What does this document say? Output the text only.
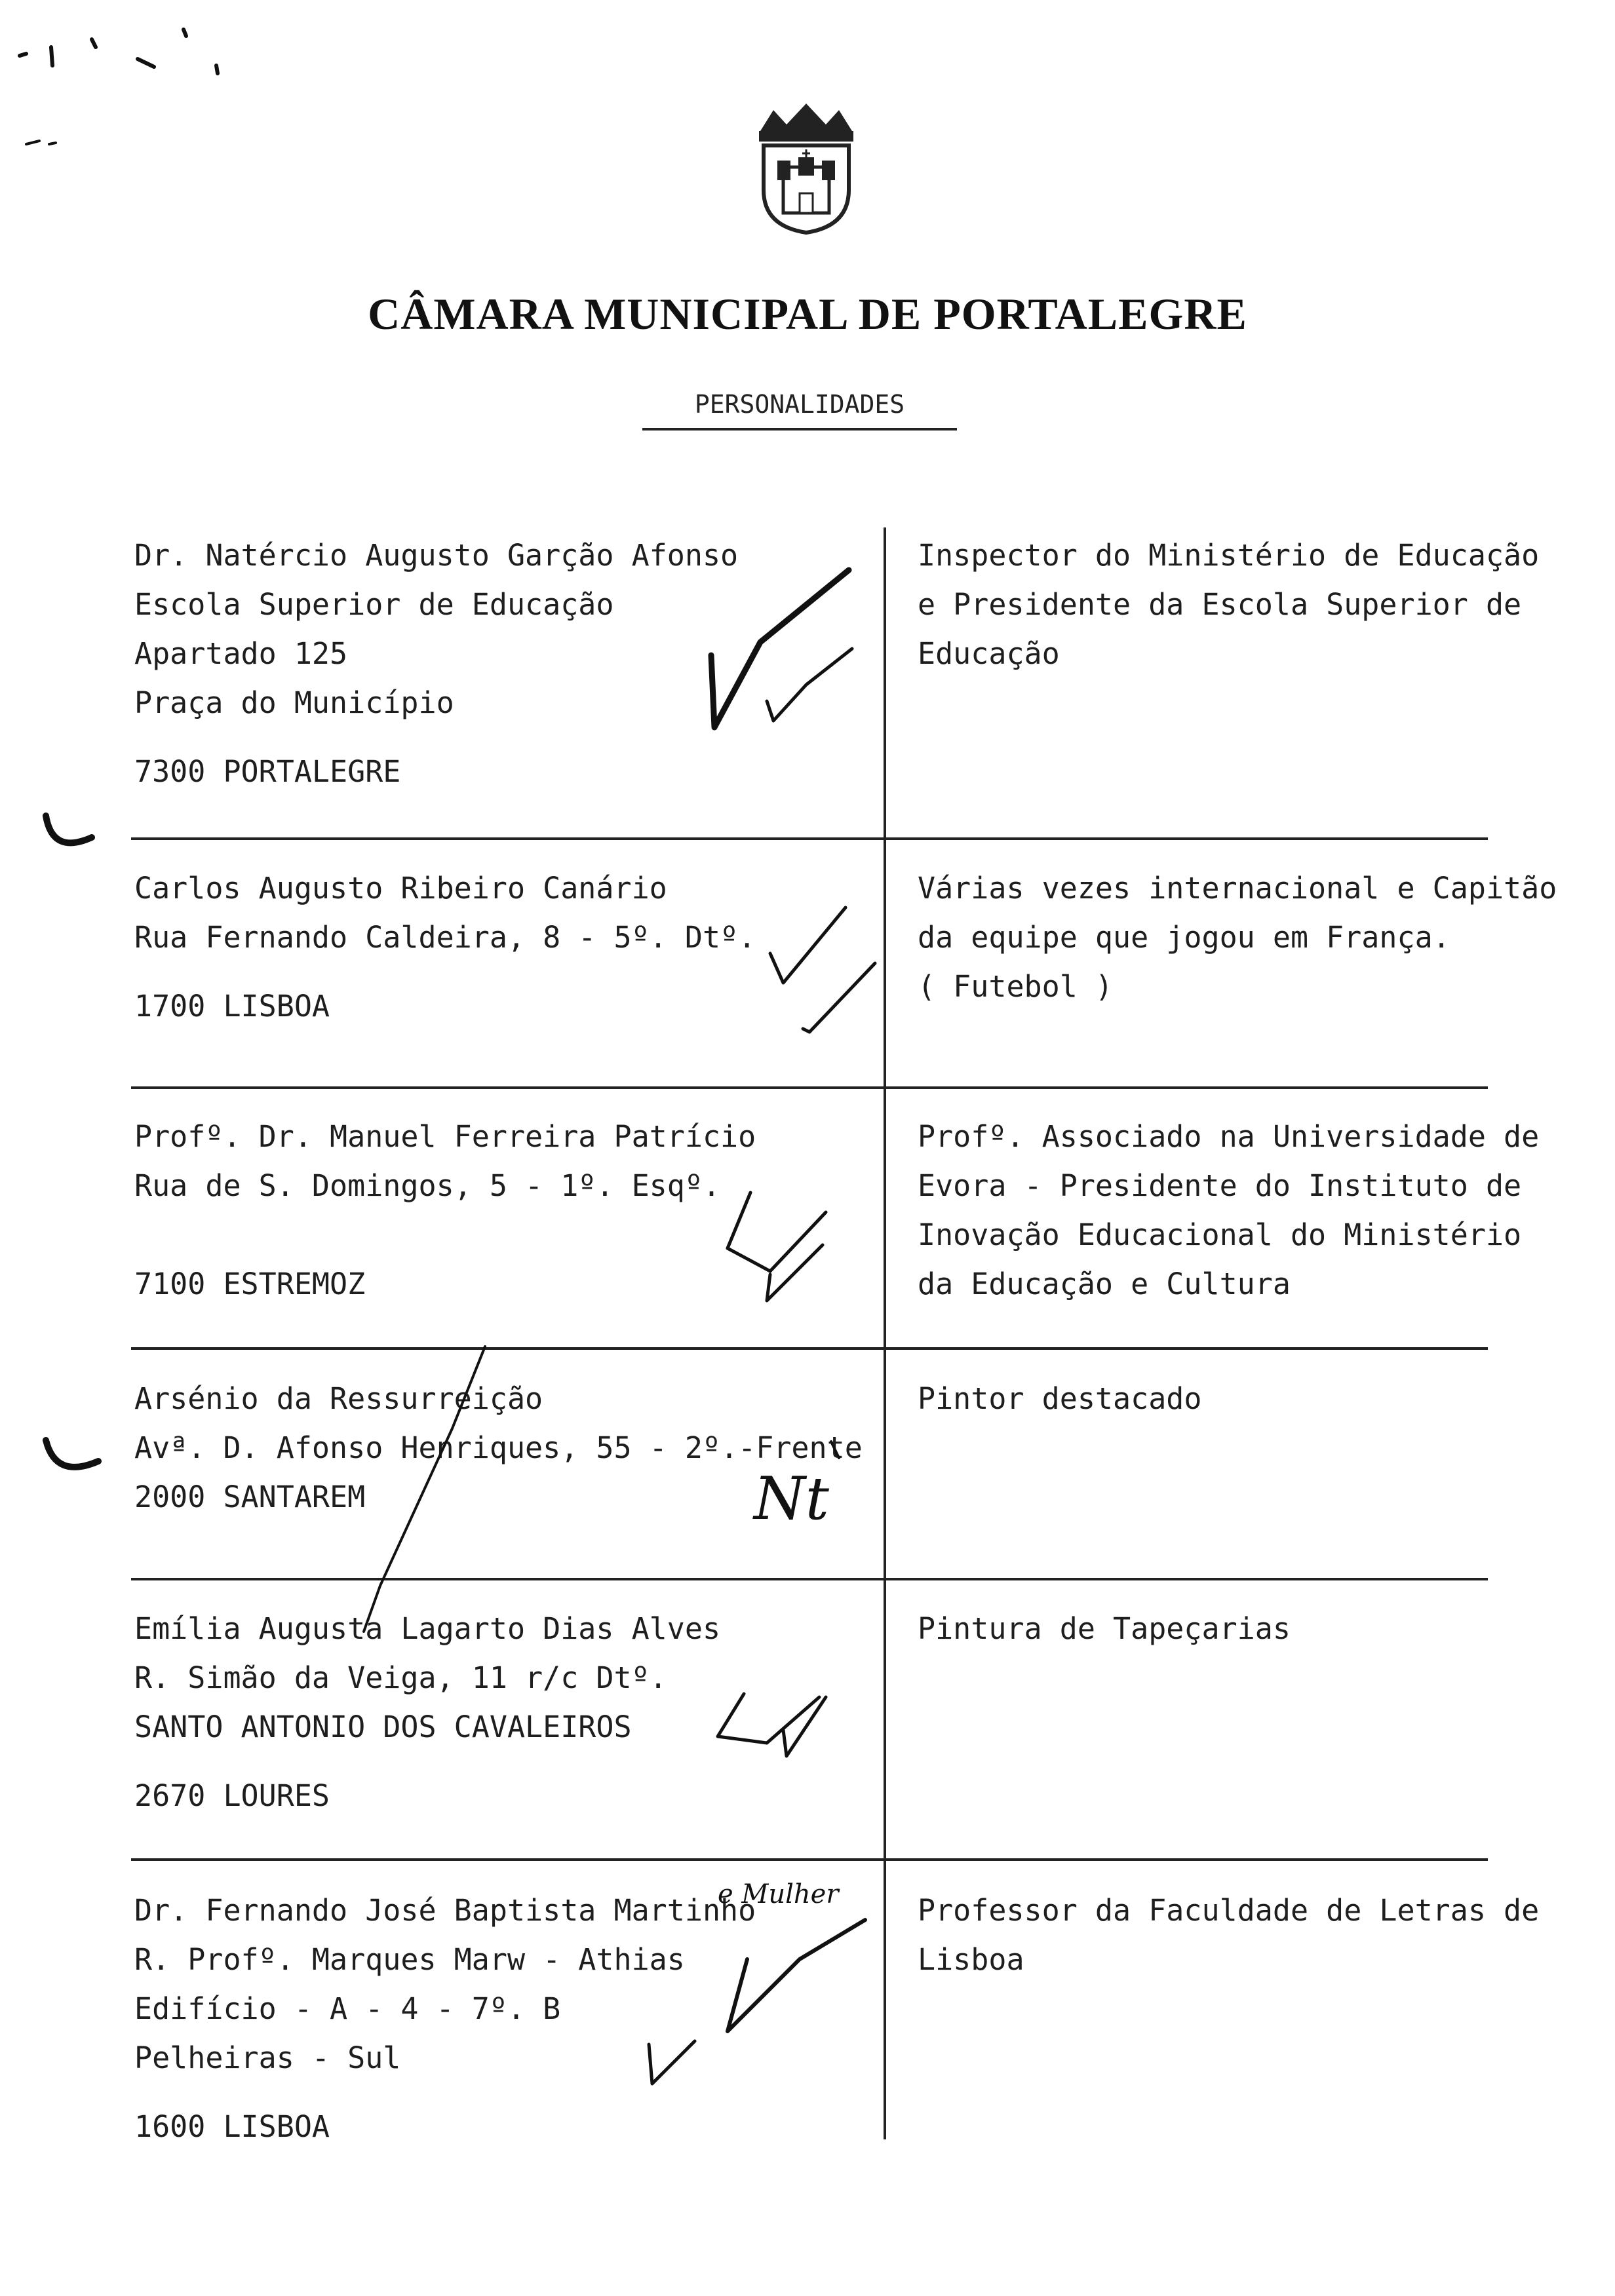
CÂMARA MUNICIPAL DE PORTALEGRE
PERSONALIDADES
Dr. Natércio Augusto Garção Afonso
Escola Superior de Educação
Apartado 125
Praça do Município

7300 PORTALEGRE
Inspector do Ministério de Educação
e Presidente da Escola Superior de
Educação
Carlos Augusto Ribeiro Canário
Rua Fernando Caldeira, 8 - 5º. Dtº.

1700 LISBOA
Várias vezes internacional e Capitão
da equipe que jogou em França.
( Futebol )
Profº. Dr. Manuel Ferreira Patrício
Rua de S. Domingos, 5 - 1º. Esqº.

7100 ESTREMOZ
Profº. Associado na Universidade de
Evora - Presidente do Instituto de
Inovação Educacional do Ministério
da Educação e Cultura
Arsénio da Ressurreição
Avª. D. Afonso Henriques, 55 - 2º.-Frente
2000 SANTAREM
Pintor destacado
Emília Augusta Lagarto Dias Alves
R. Simão da Veiga, 11 r/c Dtº.
SANTO ANTONIO DOS CAVALEIROS

2670 LOURES
Pintura de Tapeçarias
Dr. Fernando José Baptista Martinho
R. Profº. Marques Marw - Athias
Edifício - A - 4 - 7º. B
Pelheiras - Sul

1600 LISBOA
Professor da Faculdade de Letras de
Lisboa
Nt
e Mulher
